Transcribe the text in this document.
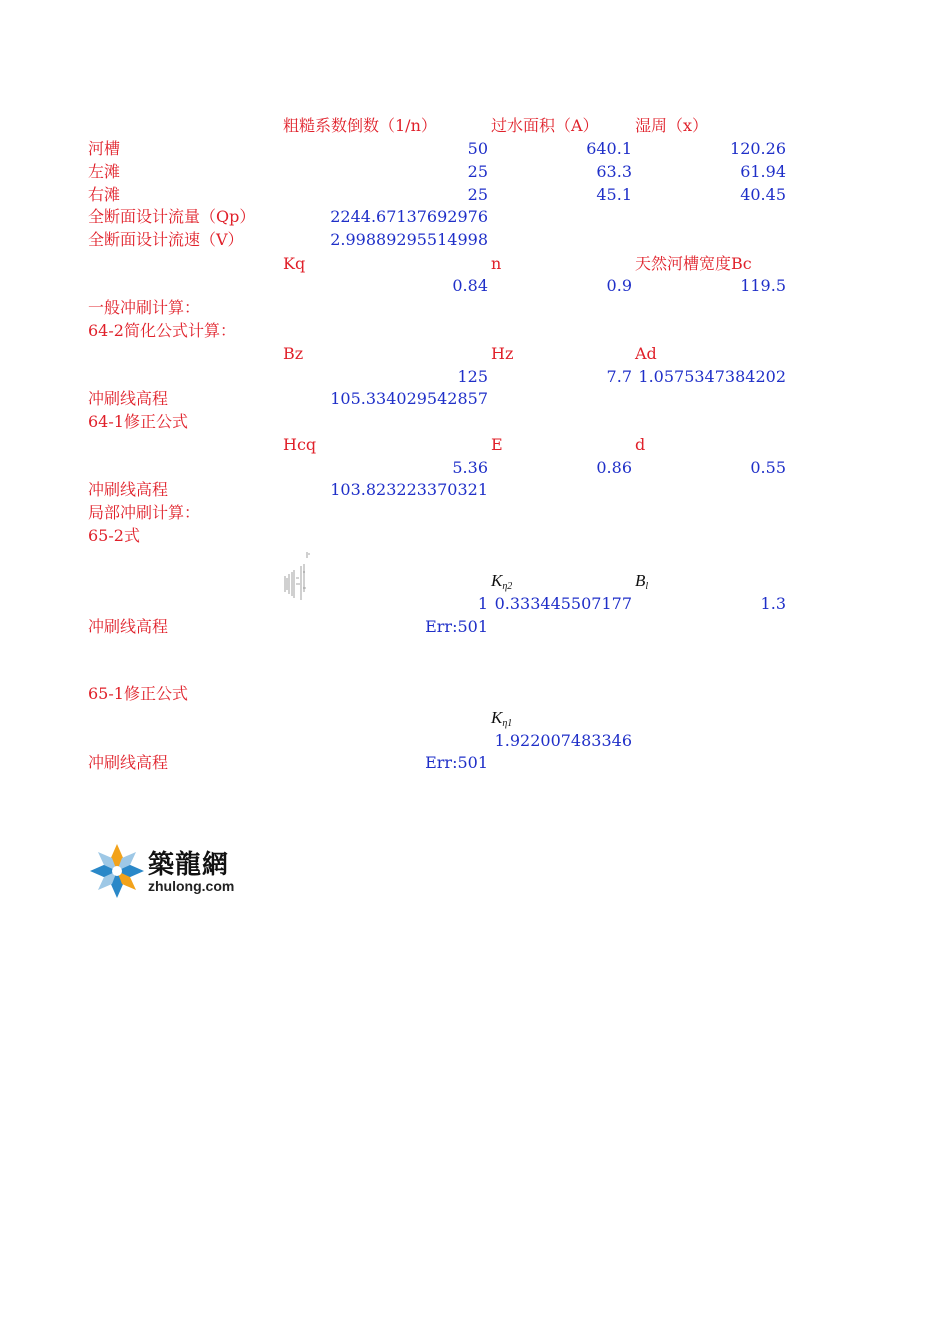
粗糙系数倒数（1/n）	过水面积（A） 湿周（x）
河槽	50	640.1	120.26
左滩	25	63.3	61.94
右滩	25	45.1	40.45
全断面设计流量（Qp）	2244.67137692976
全断面设计流速（V）	2.99889295514998
Kq	n	天然河槽宽度Bc
0.84	0.9	119.5
一般冲刷计算：
64-2简化公式计算：
Bz	Hz	Ad
125	7.7 1.0575347384202
冲刷线高程	105.334029542857
64-1修正公式
Hcq	E	d
5.36	0.86	0.55
冲刷线高程	103.823223370321
局部冲刷计算：
65-2式
$K_{\eta 2}$	$B_l$
1 0.333445507177	1.3
冲刷线高程	Err:501
65-1修正公式
$K_{\eta 1}$
1.922007483346
冲刷线高程	Err:501
築龍網
zhulong.com
